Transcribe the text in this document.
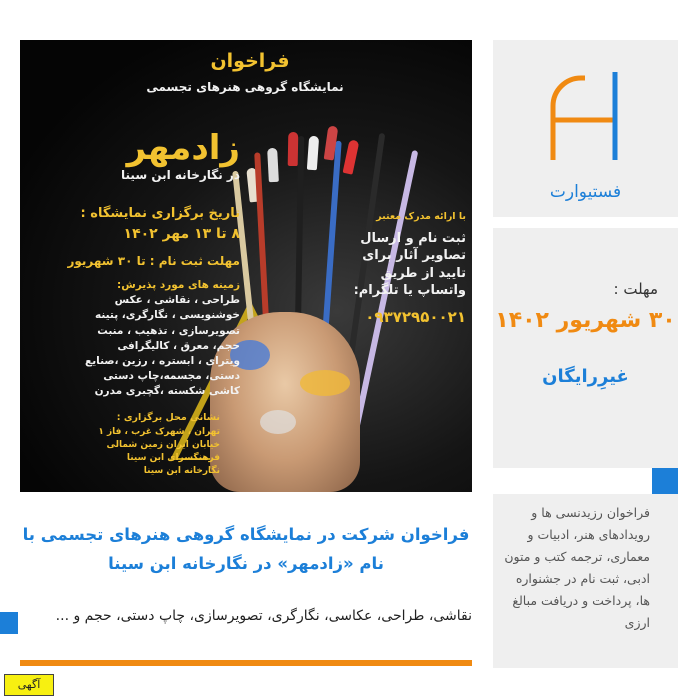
فراخوان
نمایشگاه گروهی هنرهای تجسمی
زادمهر
در نگارخانه ابن سینا
تاریخ برگزاری نمایشگاه :
۸ تا ۱۳ مهر ۱۴۰۲
مهلت ثبت نام : تا ۳۰ شهریور
زمینه های مورد پذیرش:
طراحی ، نقاشی ، عکس
خوشنویسی ، نگارگری، پتینه
تصویرسازی ، تذهیب ، منبت
حجم، معرق ، کالیگرافی
ویترای ، ابستره ، رزین ،صنایع
دستی، مجسمه،چاپ دستی
کاشی شکسته ،گچبری مدرن
نشانی محل برگزاری :
تهران ، شهرک غرب ، فاز ۱
خیابان ایران زمین شمالی
فرهنگسرای ابن سینا
نگارخانه ابن سینا
با ارائه مدرک معتبر
ثبت نام و ارسال
تصاویر آثار برای
تایید از طریق
واتساپ یا تلگرام:
۰۹۳۷۲۹۵۰۰۲۱
فستیوارت
مهلت :
۳۰ شهریور ۱۴۰۲
غیرِرایگان
فراخوان رزیدنسی ها و رویدادهای هنر، ادبیات و معماری، ترجمه کتب و متون ادبی، ثبت نام در جشنواره ها، پرداخت و دریافت مبالغ ارزی
فراخوان شرکت در نمایشگاه گروهی هنرهای تجسمی با نام «زادمهر» در نگارخانه ابن سینا
نقاشی، طراحی، عکاسی، نگارگری، تصویرسازی، چاپ دستی، حجم و ...
آگهی
